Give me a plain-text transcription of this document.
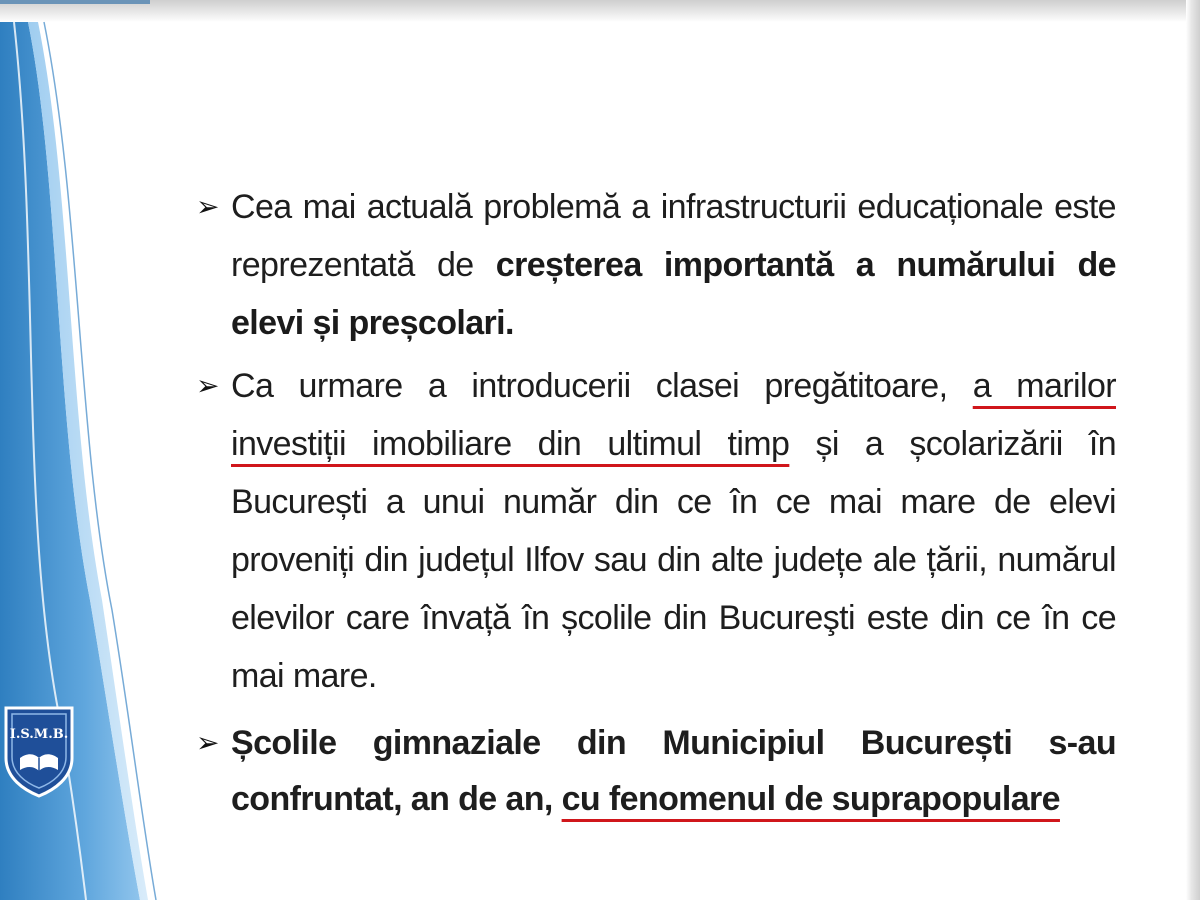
I.S.M.B.
➢ Cea mai actuală problemă a infrastructurii educaționale este reprezentată de creșterea importantă a numărului de elevi și preșcolari.
➢ Ca urmare a introducerii clasei pregătitoare, a marilor investiții imobiliare din ultimul timp și a școlarizării în București a unui număr din ce în ce mai mare de elevi proveniți din județul Ilfov sau din alte județe ale țării, numărul elevilor care învață în școlile din Bucureşti este din ce în ce mai mare.
➢ Școlile gimnaziale din Municipiul București s-au confruntat, an de an, cu fenomenul de suprapopulare
